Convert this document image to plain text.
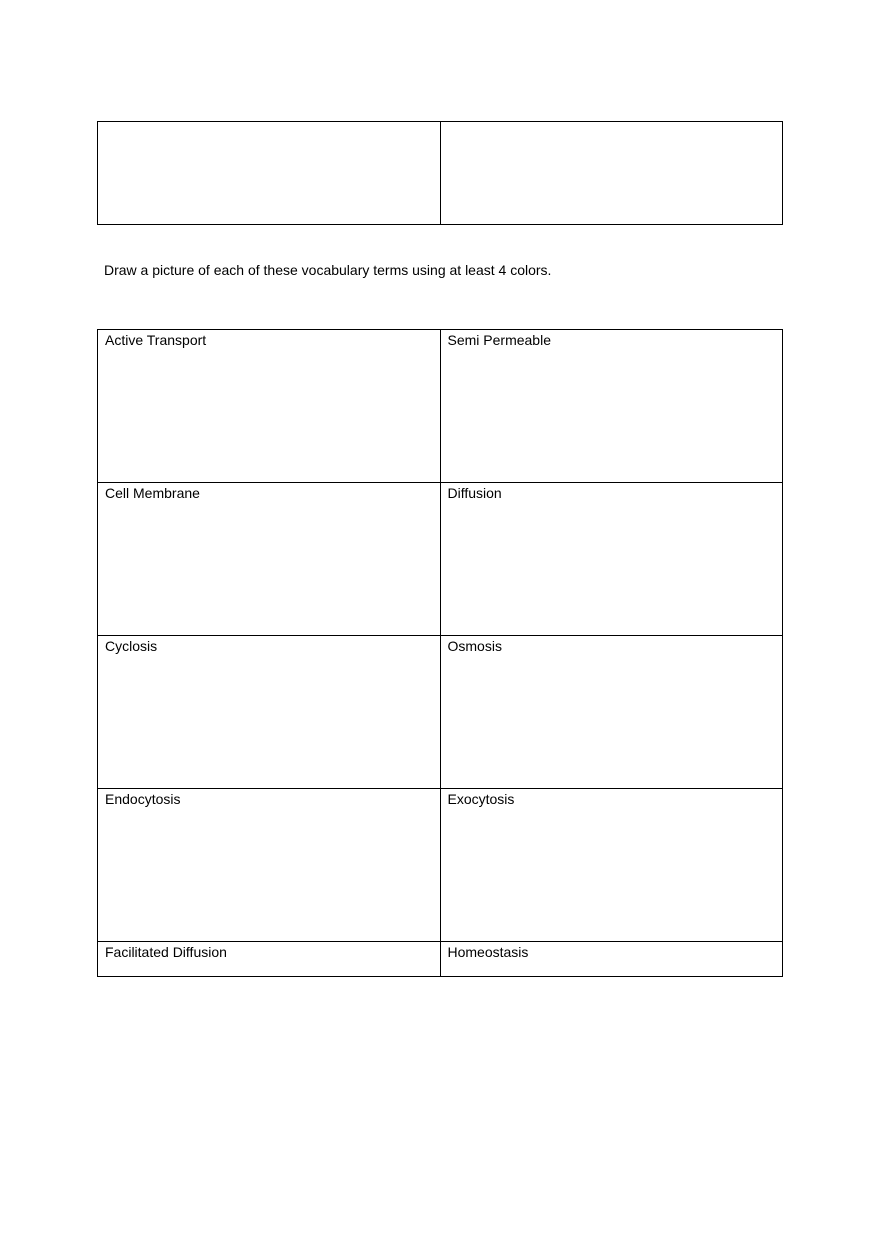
Draw a picture of each of these vocabulary terms using at least 4 colors.
Active Transport	Semi Permeable
Cell Membrane	Diffusion
Cyclosis	Osmosis
Endocytosis	Exocytosis
Facilitated Diffusion	Homeostasis
